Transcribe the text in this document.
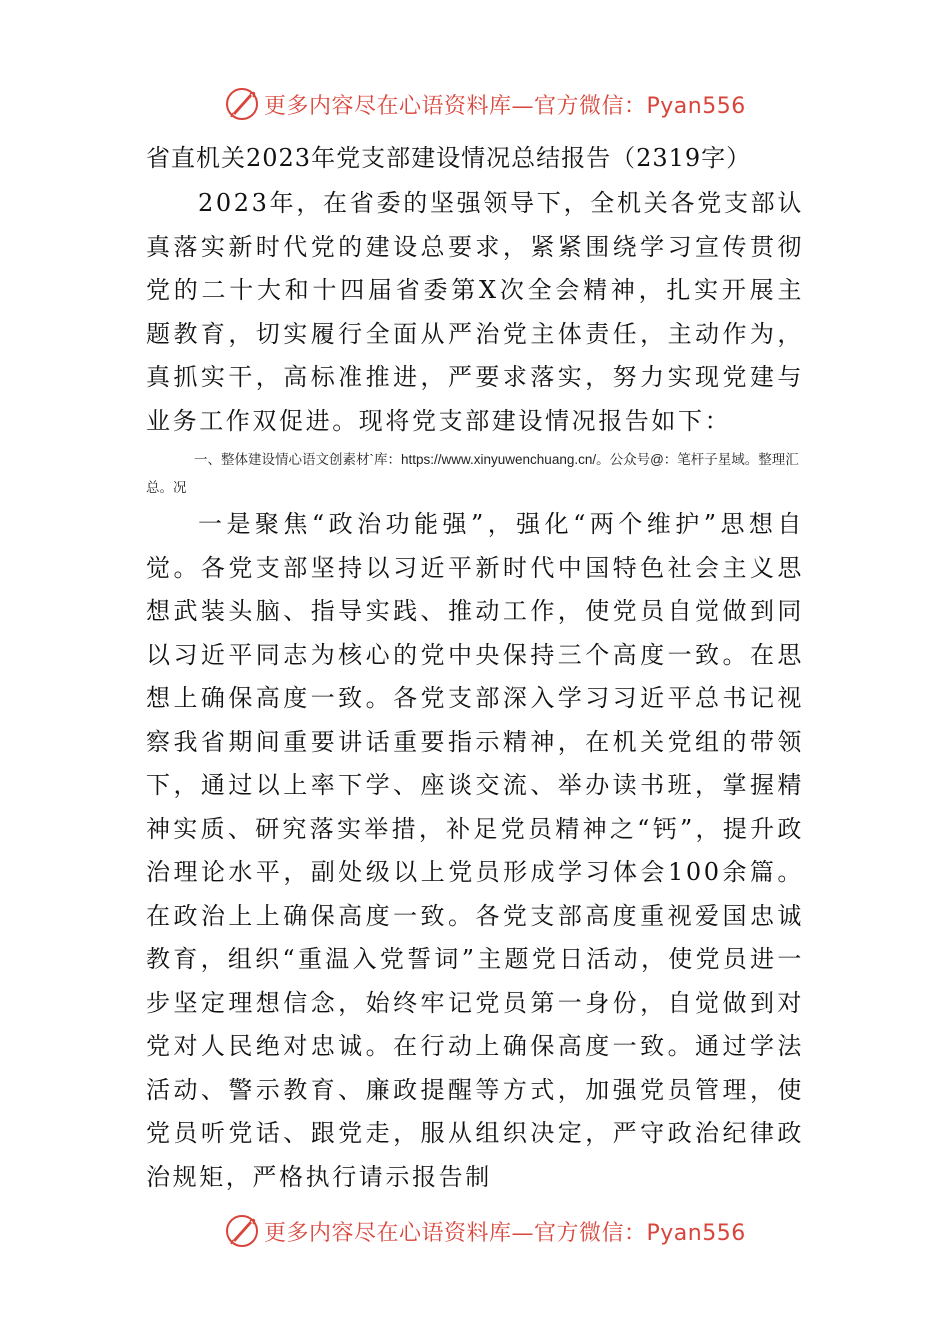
更多内容尽在心语资料库—官方微信：Pyan556
省直机关2023年党支部建设情况总结报告（2319字）
2023年，在省委的坚强领导下，全机关各党支部认真落实新时代党的建设总要求，紧紧围绕学习宣传贯彻党的二十大和十四届省委第X次全会精神，扎实开展主题教育，切实履行全面从严治党主体责任，主动作为，真抓实干，高标准推进，严要求落实，努力实现党建与业务工作双促进。现将党支部建设情况报告如下：
一、整体建设情心语文创素材`库：https://www.xinyuwenchuang.cn/。公众号@：笔杆子星域。整理汇总。况
一是聚焦“政治功能强”，强化“两个维护”思想自觉。各党支部坚持以习近平新时代中国特色社会主义思想武装头脑、指导实践、推动工作，使党员自觉做到同以习近平同志为核心的党中央保持三个高度一致。在思想上确保高度一致。各党支部深入学习习近平总书记视察我省期间重要讲话重要指示精神，在机关党组的带领下，通过以上率下学、座谈交流、举办读书班，掌握精神实质、研究落实举措，补足党员精神之“钙”，提升政治理论水平，副处级以上党员形成学习体会100余篇。在政治上上确保高度一致。各党支部高度重视爱国忠诚教育，组织“重温入党誓词”主题党日活动，使党员进一步坚定理想信念，始终牢记党员第一身份，自觉做到对党对人民绝对忠诚。在行动上确保高度一致。通过学法活动、警示教育、廉政提醒等方式，加强党员管理，使党员听党话、跟党走，服从组织决定，严守政治纪律政治规矩，严格执行请示报告制
更多内容尽在心语资料库—官方微信：Pyan556
